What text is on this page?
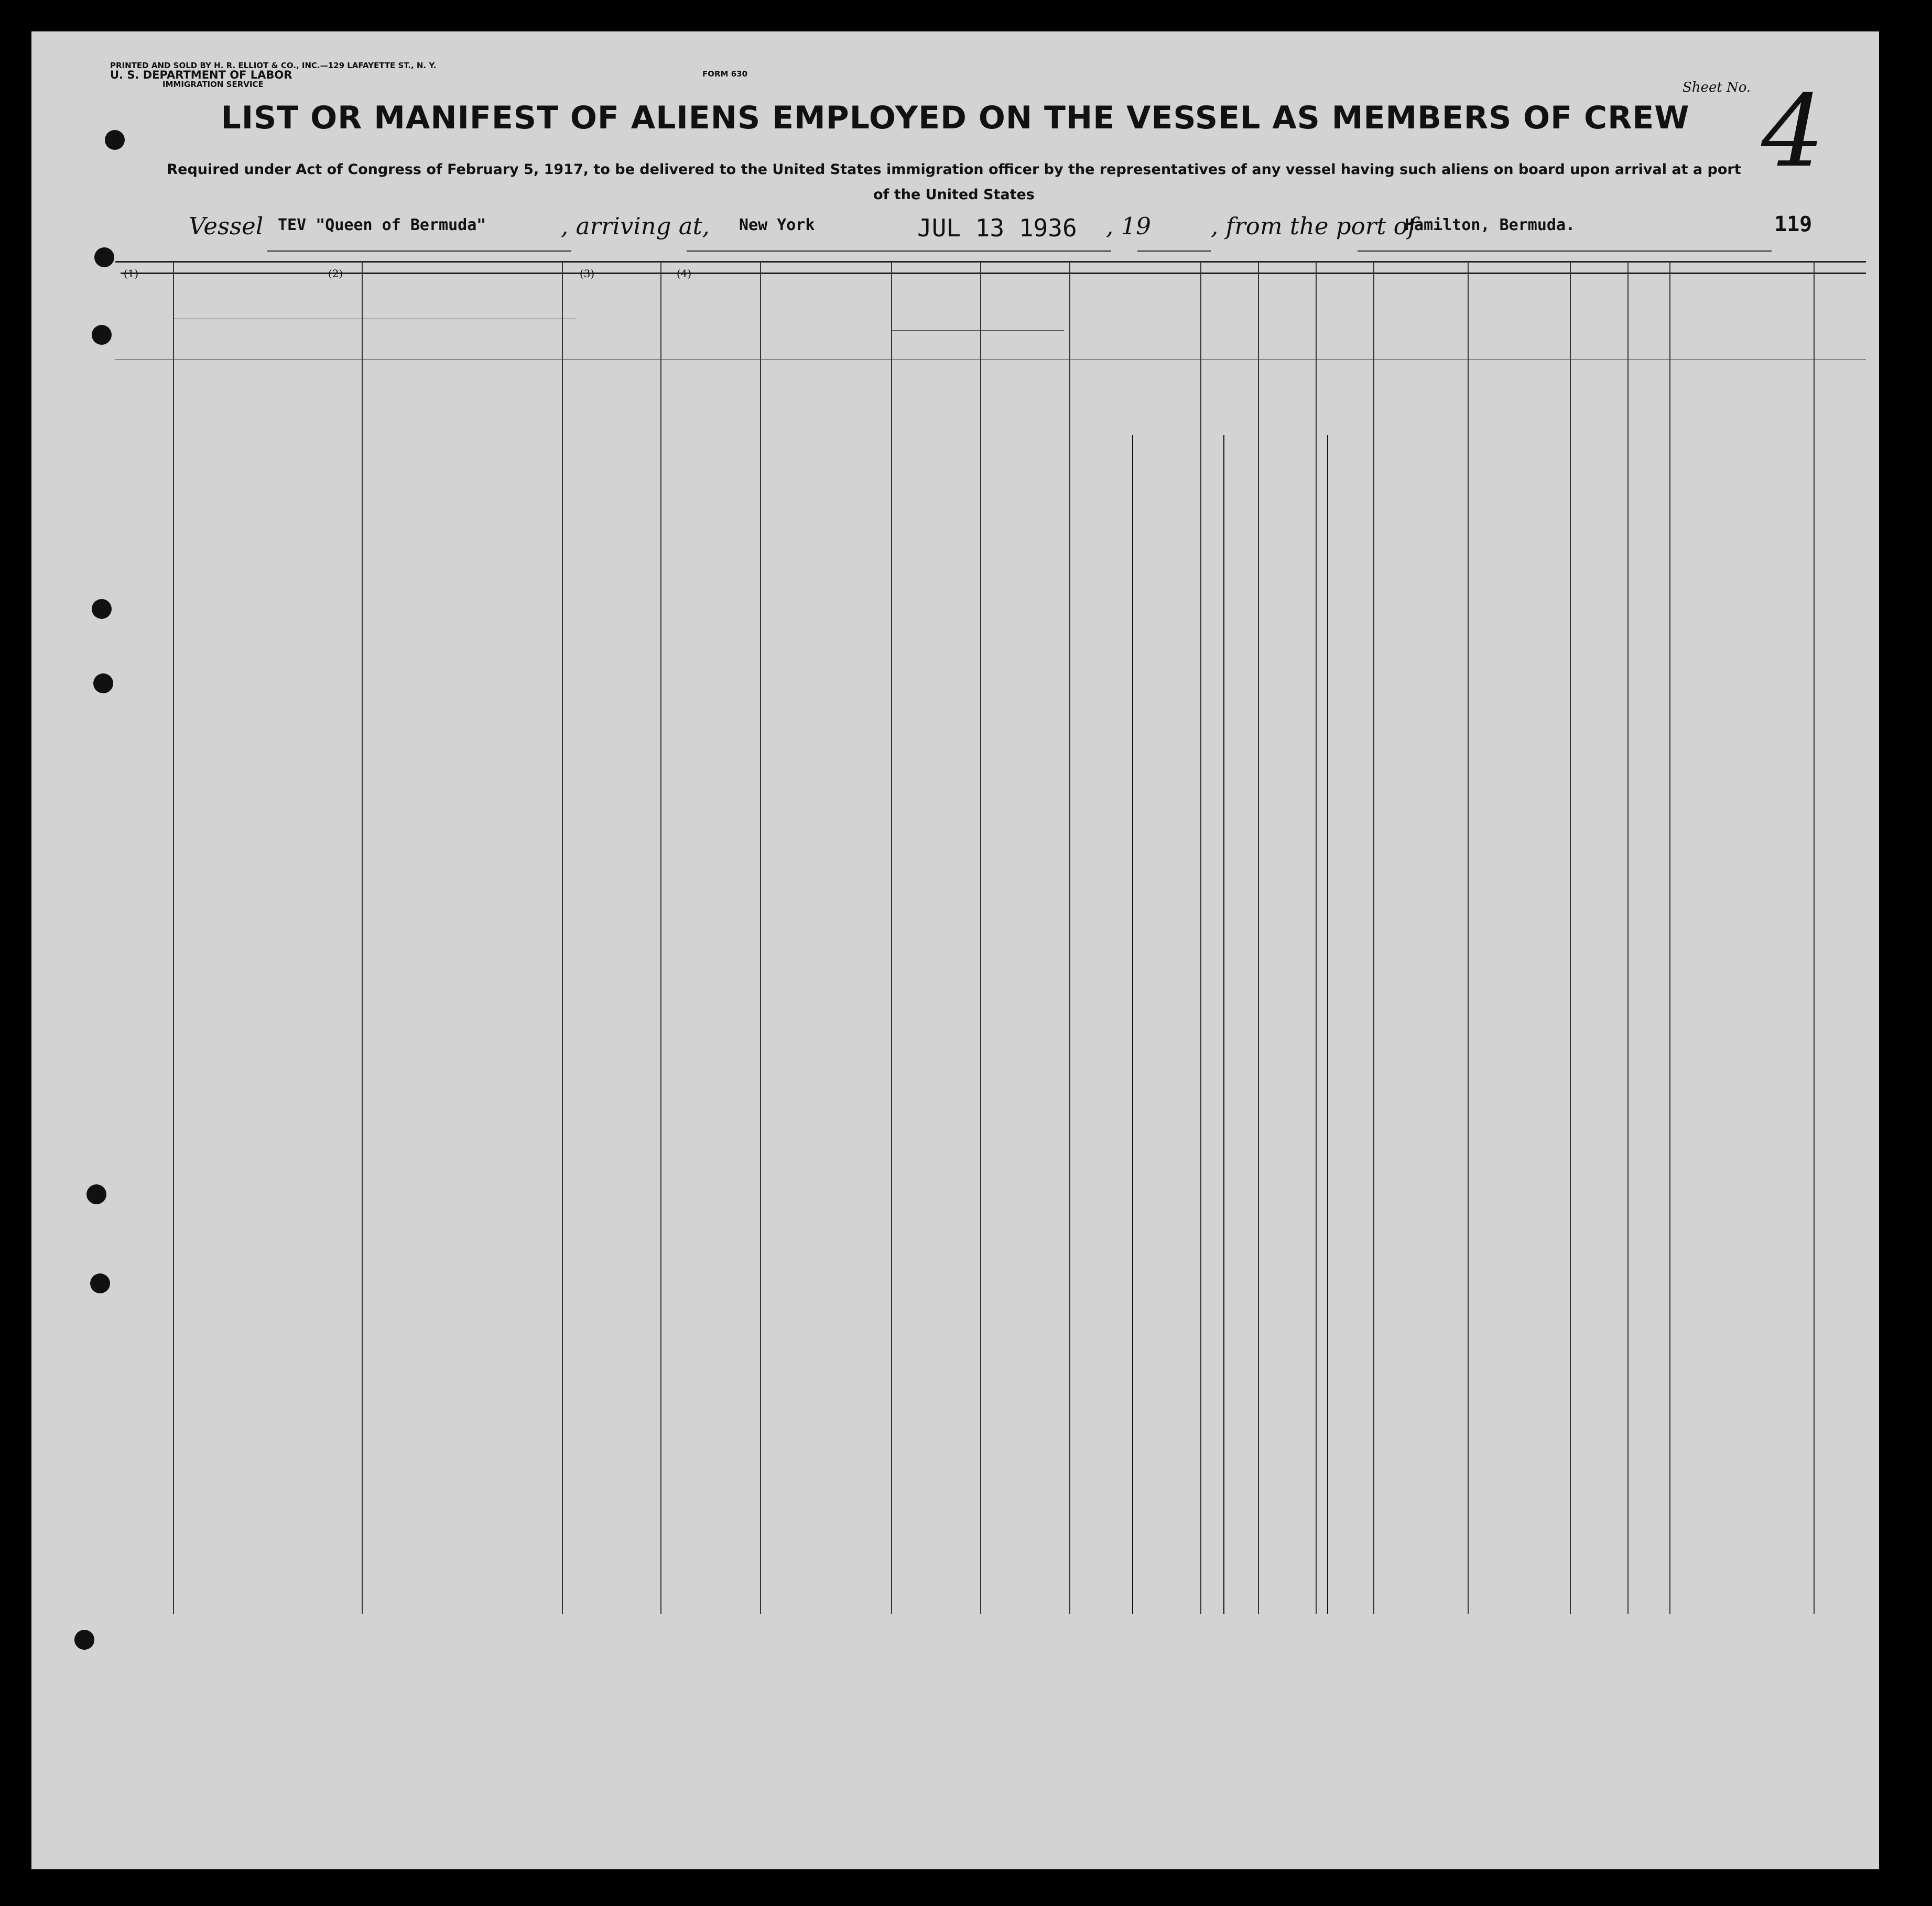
PRINTED AND SOLD BY H. R. ELLIOT & CO., INC.—129 LAFAYETTE ST., N. Y.
U. S. DEPARTMENT OF LABOR
IMMIGRATION SERVICE
FORM 630
Sheet No. 4
LIST OR MANIFEST OF ALIENS EMPLOYED ON THE VESSEL AS MEMBERS OF CREW
Required under Act of Congress of February 5, 1917, to be delivered to the United States immigration officer by the representatives of any vessel having such aliens on board upon arrival at a port of the United States
Vessel TEV "Queen of Bermuda"	, arriving at, New York	JUL 13 1936 , 19	, from the port of
Hamilton, Bermuda.	119
(1)	(2)	(3)	(4)
